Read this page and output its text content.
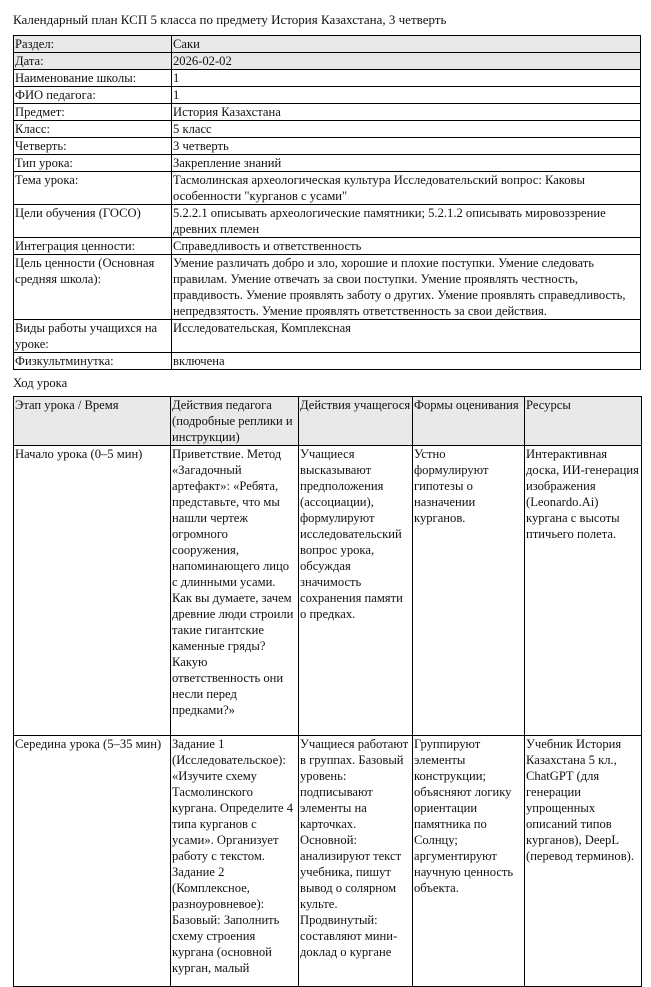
Календарный план КСП 5 класса по предмету История Казахстана, 3 четверть
Раздел:	Саки
Дата:	2026-02-02
Наименование школы:	1
ФИО педагога:	1
Предмет:	История Казахстана
Класс:	5 класс
Четверть:	3 четверть
Тип урока:	Закрепление знаний
Тема урока:	Тасмолинская археологическая культура Исследовательский вопрос: Каковы особенности "курганов с усами"
Цели обучения (ГОСО)	5.2.2.1 описывать археологические памятники; 5.2.1.2 описывать мировоззрение древних племен
Интеграция ценности:	Справедливость и ответственность
Цель ценности (Основная средняя школа):	Умение различать добро и зло, хорошие и плохие поступки. Умение следовать правилам. Умение отвечать за свои поступки. Умение проявлять честность, правдивость. Умение проявлять заботу о других. Умение проявлять справедливость, непредвзятость. Умение проявлять ответственность за свои действия.
Виды работы учащихся на уроке:	Исследовательская, Комплексная
Физкультминутка:	включена
Ход урока
Этап урока / Время	Действия педагога (подробные реплики и инструкции)	Действия учащегося	Формы оценивания	Ресурсы
Начало урока (0–5 мин)	Приветствие. Метод «Загадочный артефакт»: «Ребята, представьте, что мы нашли чертеж огромного сооружения, напоминающего лицо с длинными усами. Как вы думаете, зачем древние люди строили такие гигантские каменные гряды? Какую ответственность они несли перед предками?»	Учащиеся высказывают предположения (ассоциации), формулируют исследовательский вопрос урока, обсуждая значимость сохранения памяти о предках.	Устно формулируют гипотезы о назначении курганов.	Интерактивная доска, ИИ-генерация изображения (Leonardo.Ai) кургана с высоты птичьего полета.
Середина урока (5–35 мин)	Задание 1 (Исследовательское): «Изучите схему Тасмолинского кургана. Определите 4 типа курганов с усами». Организует работу с текстом. Задание 2 (Комплексное, разноуровневое): Базовый: Заполнить схему строения кургана (основной курган, малый	Учащиеся работают в группах. Базовый уровень: подписывают элементы на карточках. Основной: анализируют текст учебника, пишут вывод о солярном культе. Продвинутый: составляют мини-доклад о кургане	Группируют элементы конструкции; объясняют логику ориентации памятника по Солнцу; аргументируют научную ценность объекта.	Учебник История Казахстана 5 кл., ChatGPT (для генерации упрощенных описаний типов курганов), DeepL (перевод терминов).
